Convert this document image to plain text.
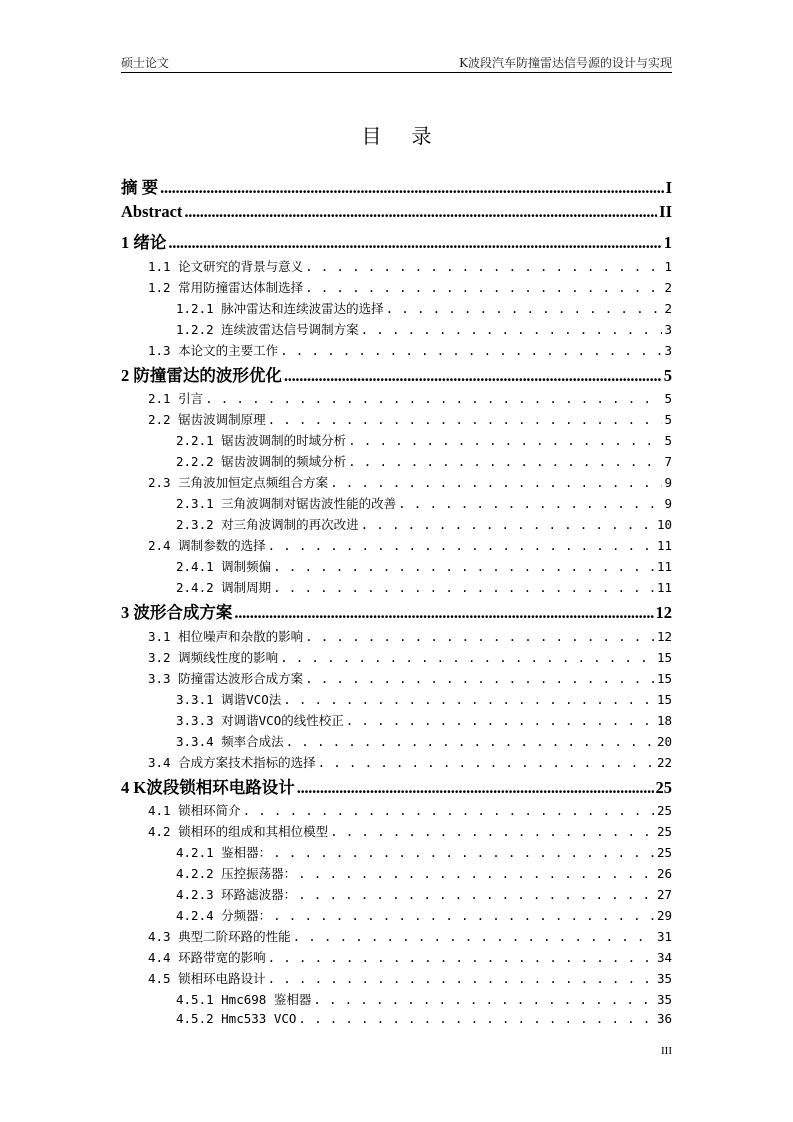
硕士论文	K波段汽车防撞雷达信号源的设计与实现
目录
摘 要 . . .	I
Abstract . . .	II
1 绪论 . . .	1
1.1 论文研究的背景与意义 . . .	1
1.2 常用防撞雷达体制选择 . . .	2
1.2.1 脉冲雷达和连续波雷达的选择 . . .	2
1.2.2 连续波雷达信号调制方案 . . .	3
1.3 本论文的主要工作 . . .	3
2 防撞雷达的波形优化 . . .	5
2.1 引言 . . .	5
2.2 锯齿波调制原理 . . .	5
2.2.1 锯齿波调制的时域分析 . . .	5
2.2.2 锯齿波调制的频域分析 . . .	7
2.3 三角波加恒定点频组合方案 . . .	9
2.3.1 三角波调制对锯齿波性能的改善 . . .	9
2.3.2 对三角波调制的再次改进 . . .	10
2.4 调制参数的选择 . . .	11
2.4.1 调制频偏 . . .	11
2.4.2 调制周期 . . .	11
3 波形合成方案 . . .	12
3.1 相位噪声和杂散的影响 . . .	12
3.2 调频线性度的影响 . . .	15
3.3 防撞雷达波形合成方案 . . .	15
3.3.1 调谐VCO法 . . .	15
3.3.3 对调谐VCO的线性校正 . . .	18
3.3.4 频率合成法 . . .	20
3.4 合成方案技术指标的选择 . . .	22
4 K波段锁相环电路设计 . . .	25
4.1 锁相环简介 . . .	25
4.2 锁相环的组成和其相位模型 . . .	25
4.2.1 鉴相器： . . .	25
4.2.2 压控振荡器： . . .	26
4.2.3 环路滤波器： . . .	27
4.2.4 分频器： . . .	29
4.3 典型二阶环路的性能 . . .	31
4.4 环路带宽的影响 . . .	34
4.5 锁相环电路设计 . . .	35
4.5.1 Hmc698 鉴相器 . . .	35
4.5.2 Hmc533 VCO . . .	36
III
